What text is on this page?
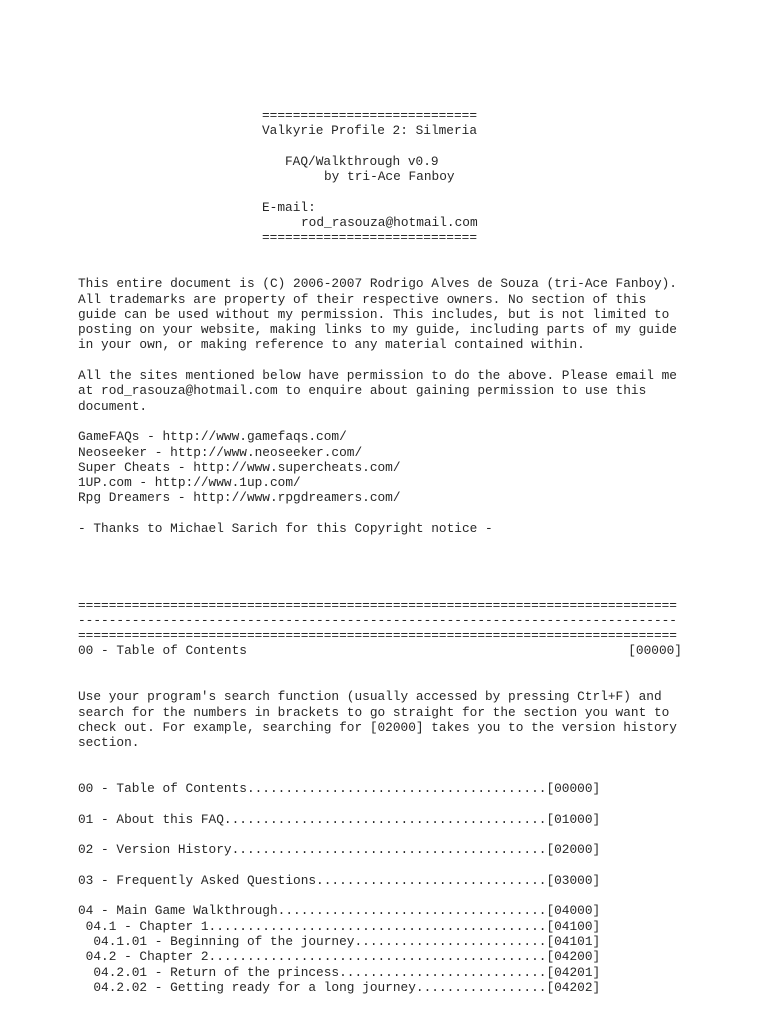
============================
Valkyrie Profile 2: Silmeria
FAQ/Walkthrough v0.9
by tri-Ace Fanboy
E-mail:
rod_rasouza@hotmail.com
============================
This entire document is (C) 2006-2007 Rodrigo Alves de Souza (tri-Ace Fanboy).
All trademarks are property of their respective owners. No section of this
guide can be used without my permission. This includes, but is not limited to
posting on your website, making links to my guide, including parts of my guide
in your own, or making reference to any material contained within.
All the sites mentioned below have permission to do the above. Please email me
at rod_rasouza@hotmail.com to enquire about gaining permission to use this
document.
GameFAQs - http://www.gamefaqs.com/
Neoseeker - http://www.neoseeker.com/
Super Cheats - http://www.supercheats.com/
1UP.com - http://www.1up.com/
Rpg Dreamers - http://www.rpgdreamers.com/
- Thanks to Michael Sarich for this Copyright notice -
==============================================================================
------------------------------------------------------------------------------
==============================================================================
00 - Table of Contents	[00000]
Use your program's search function (usually accessed by pressing Ctrl+F) and
search for the numbers in brackets to go straight for the section you want to
check out. For example, searching for [02000] takes you to the version history
section.
00 - Table of Contents.......................................[00000]
01 - About this FAQ..........................................[01000]
02 - Version History.........................................[02000]
03 - Frequently Asked Questions..............................[03000]
04 - Main Game Walkthrough...................................[04000]
04.1 - Chapter 1............................................[04100]
04.1.01 - Beginning of the journey.........................[04101]
04.2 - Chapter 2............................................[04200]
04.2.01 - Return of the princess...........................[04201]
04.2.02 - Getting ready for a long journey.................[04202]
